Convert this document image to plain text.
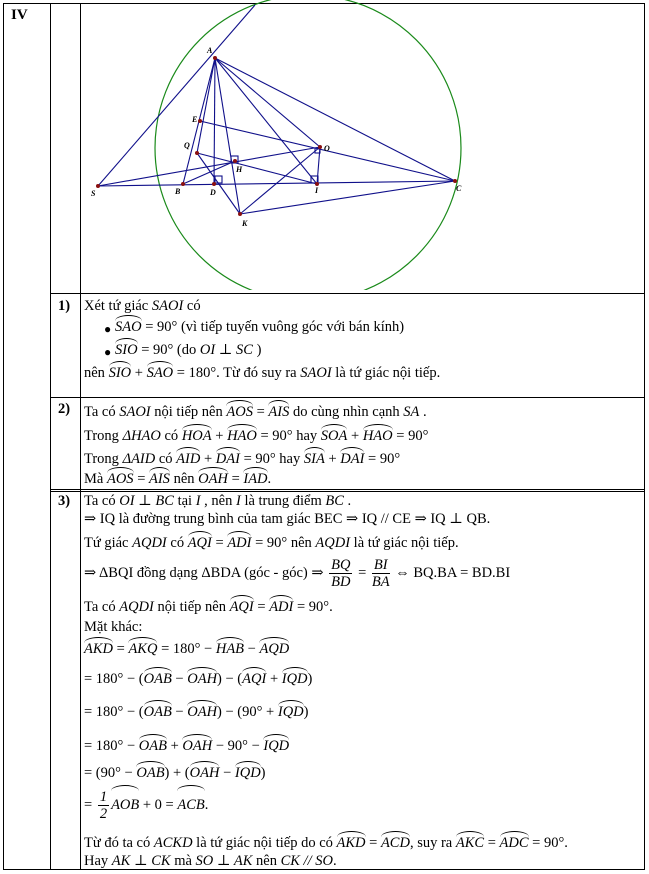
IV
A
E
Q	O
H
S	B	D	I	C
K
1) Xét tứ giác SAOI có
● SAO = 90° (vì tiếp tuyến vuông góc với bán kính)
● SIO = 90° (do OI ⊥ SC )
nên SIO + SAO = 180°. Từ đó suy ra SAOI là tứ giác nội tiếp.
2) Ta có SAOI nội tiếp nên AOS = AIS do cùng nhìn cạnh SA .
Trong ΔHAO có HOA + HAO = 90° hay SOA + HAO = 90°
Trong ΔAID có AID + DAI = 90° hay SIA + DAI = 90°
Mà AOS = AIS nên OAH = IAD.
3) Ta có OI ⊥ BC tại I , nên I là trung điểm BC .
⇒ IQ là đường trung bình của tam giác BEC ⇒ IQ // CE ⇒ IQ ⊥ QB.
Tứ giác AQDI có AQI = ADI = 90° nên AQDI là tứ giác nội tiếp.
⇒ ΔBQI đồng dạng ΔBDA (góc - góc) ⇒ $\frac{BQ}{BD} = \frac{BI}{BA}$ ⇔ BQ.BA = BD.BI
Ta có AQDI nội tiếp nên AQI = ADI = 90°.
Mặt khác:
AKD = AKQ = 180° − HAB − AQD
= 180° − (OAB − OAH) − (AQI + IQD)
= 180° − (OAB − OAH) − (90° + IQD)
= 180° − OAB + OAH − 90° − IQD
= (90° − OAB) + (OAH − IQD)
= $\frac{1}{2}$ AOB + 0 = ACB.
Từ đó ta có ACKD là tứ giác nội tiếp do có AKD = ACD, suy ra AKC = ADC = 90°.
Hay AK ⊥ CK mà SO ⊥ AK nên CK // SO.
